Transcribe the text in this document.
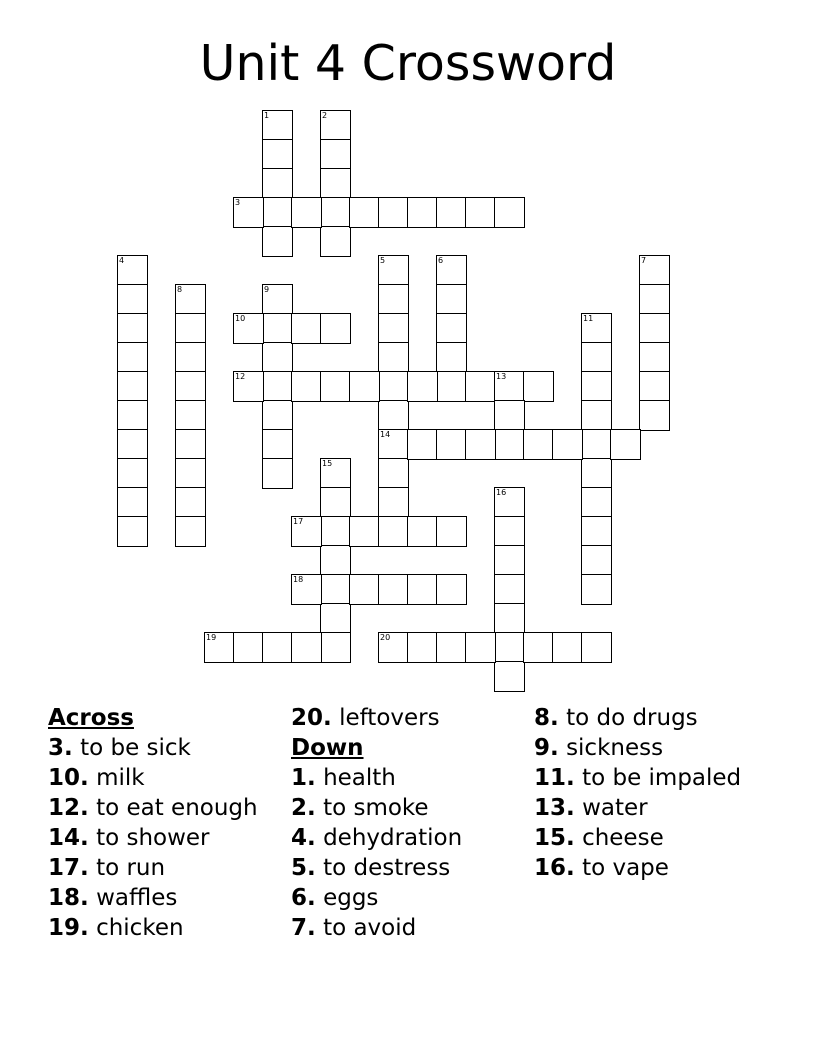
Unit 4 Crossword
1	2
3
4	5
14
6	7
8	9
10	11
12	13
15
16
17
18
19	20
Across
3. to be sick
10. milk
12. to eat enough
14. to shower
17. to run
18. waffles
19. chicken
20. leftovers
Down
1. health
2. to smoke
4. dehydration
5. to destress
6. eggs
7. to avoid
8. to do drugs
9. sickness
11. to be impaled
13. water
15. cheese
16. to vape
